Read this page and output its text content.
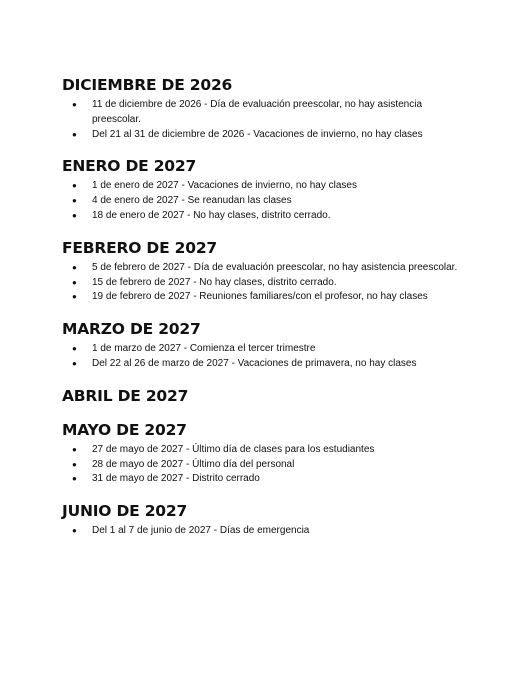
DICIEMBRE DE 2026
● 11 de diciembre de 2026 - Día de evaluación preescolar, no hay asistencia preescolar.
● Del 21 al 31 de diciembre de 2026 - Vacaciones de invierno, no hay clases
ENERO DE 2027
● 1 de enero de 2027 - Vacaciones de invierno, no hay clases
● 4 de enero de 2027 - Se reanudan las clases
● 18 de enero de 2027 - No hay clases, distrito cerrado.
FEBRERO DE 2027
● 5 de febrero de 2027 - Día de evaluación preescolar, no hay asistencia preescolar.
● 15 de febrero de 2027 - No hay clases, distrito cerrado.
● 19 de febrero de 2027 - Reuniones familiares/con el profesor, no hay clases
MARZO DE 2027
● 1 de marzo de 2027 - Comienza el tercer trimestre
● Del 22 al 26 de marzo de 2027 - Vacaciones de primavera, no hay clases
ABRIL DE 2027
MAYO DE 2027
● 27 de mayo de 2027 - Último día de clases para los estudiantes
● 28 de mayo de 2027 - Último día del personal
● 31 de mayo de 2027 - Distrito cerrado
JUNIO DE 2027
● Del 1 al 7 de junio de 2027 - Días de emergencia
